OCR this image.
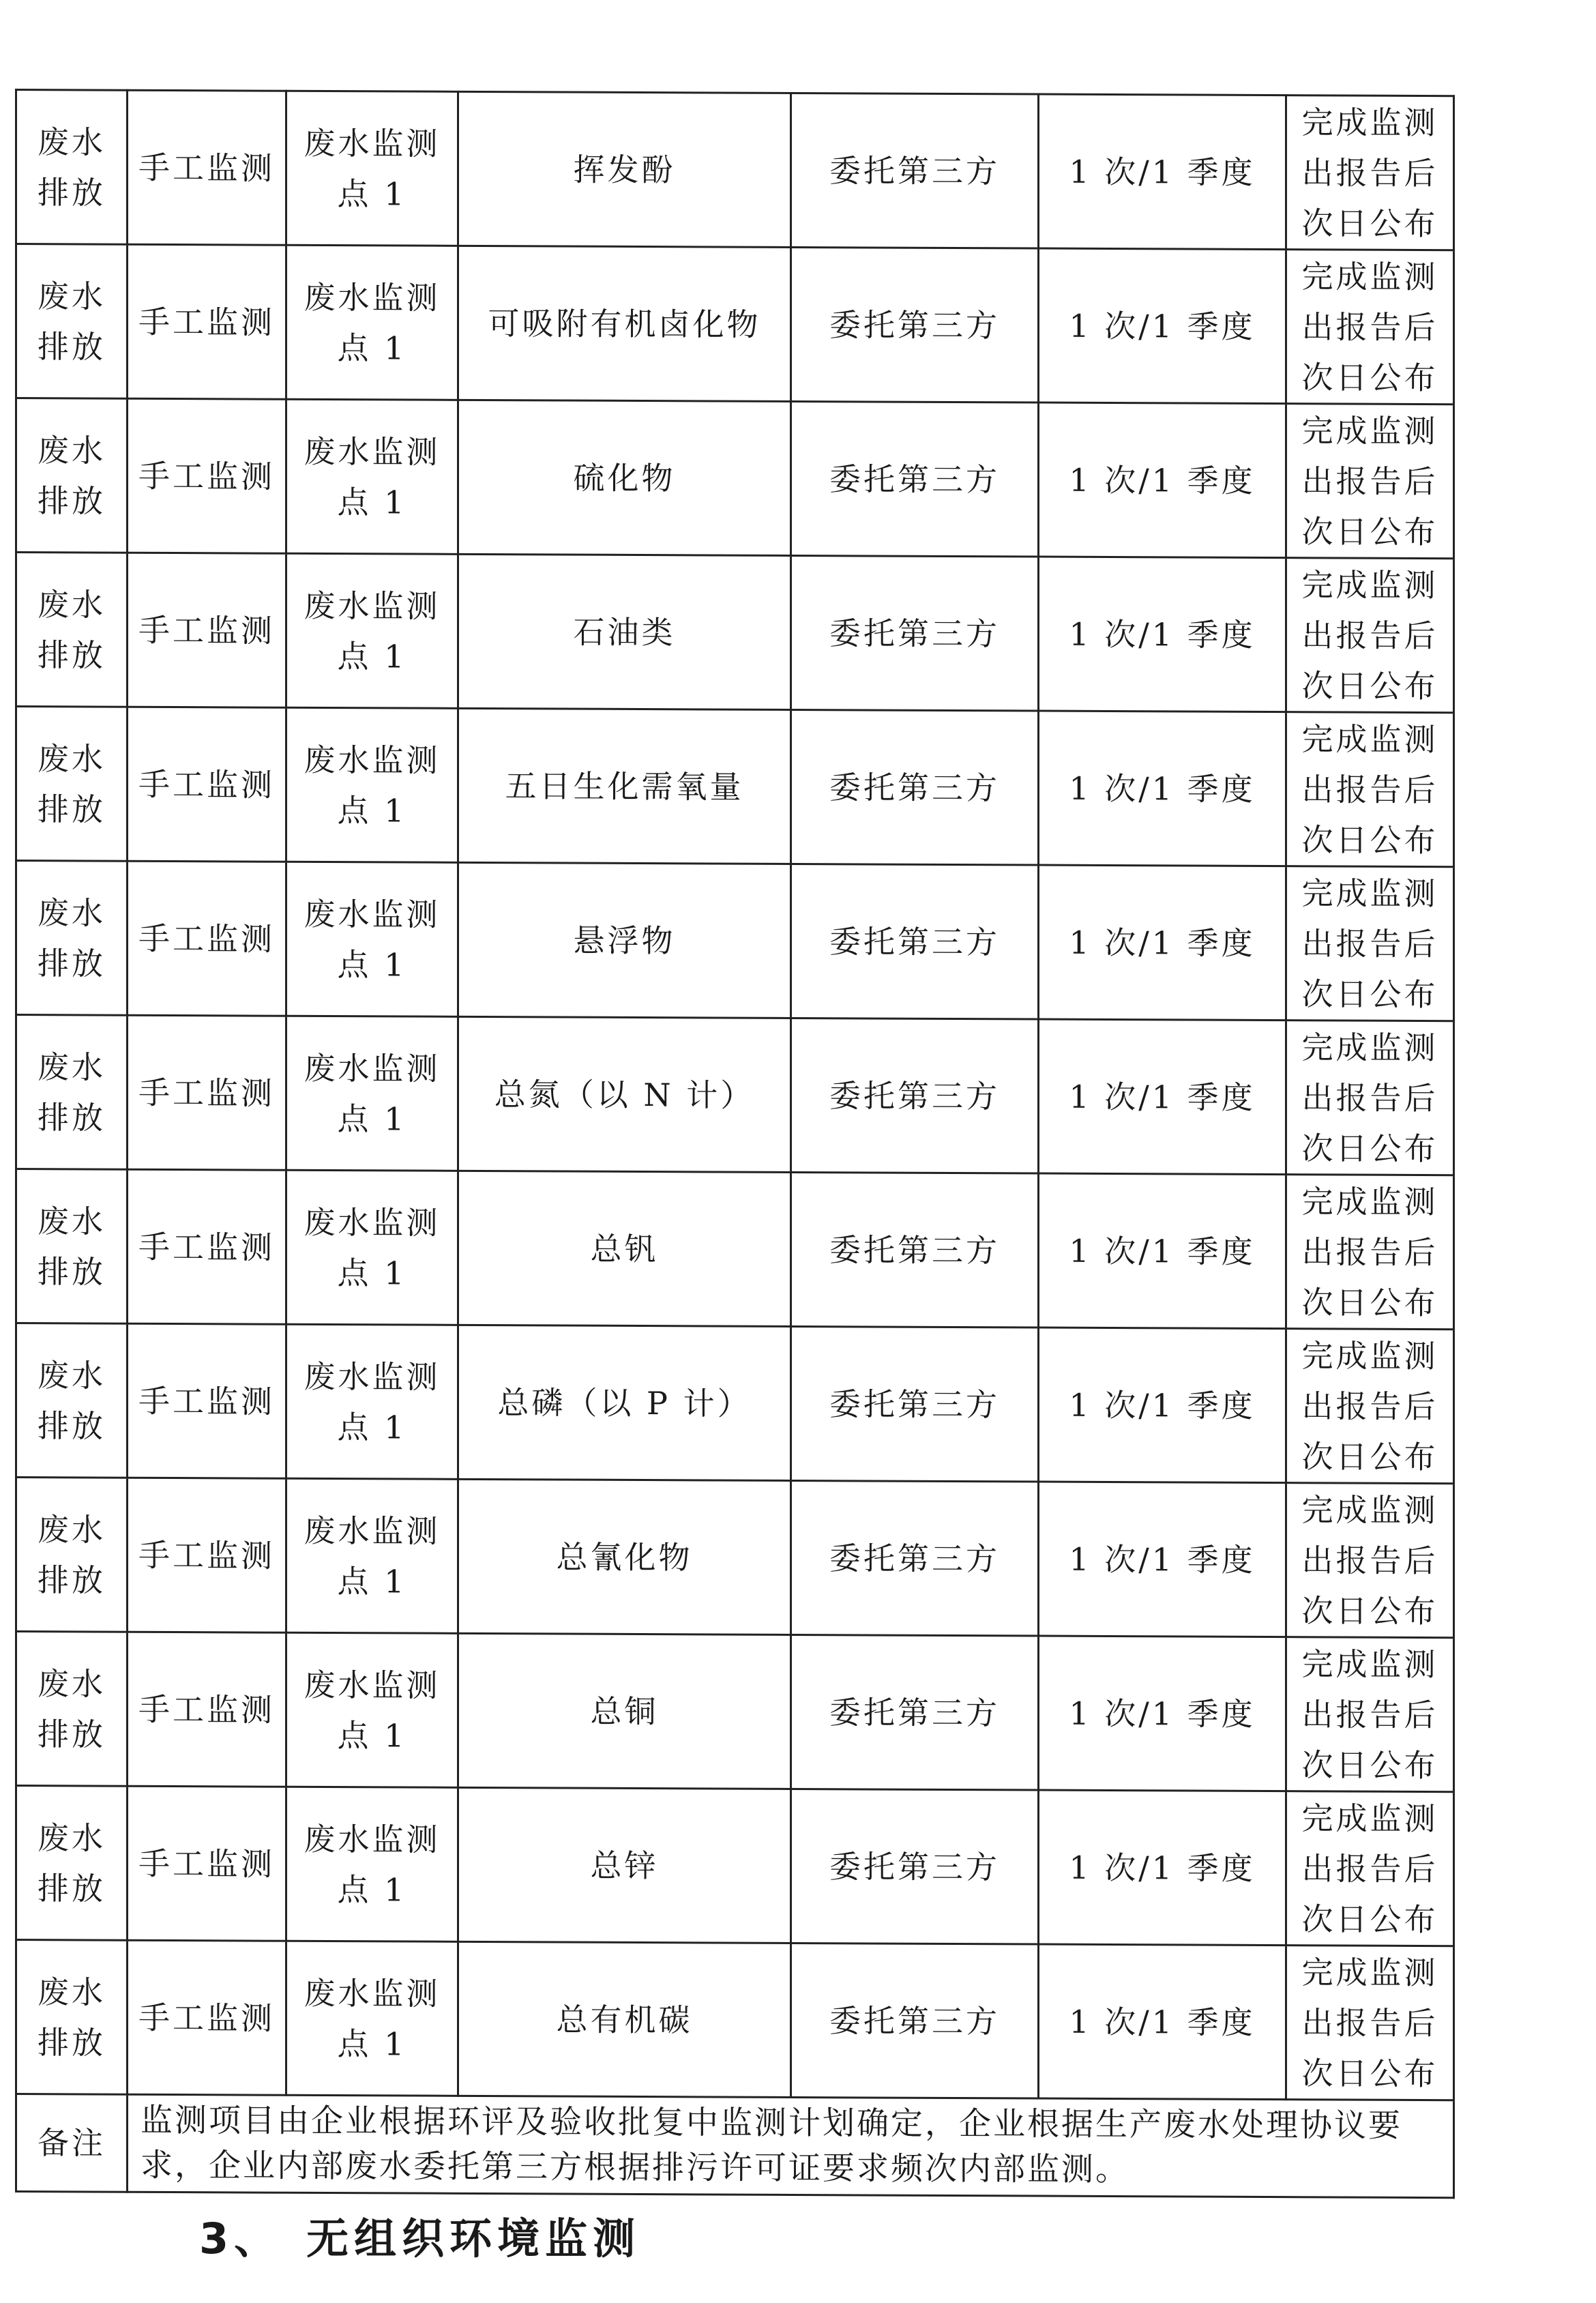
废水排放	手工监测	废水监测点 1	挥发酚	委托第三方	1 次/1 季度	完成监测出报告后次日公布
废水排放	手工监测	废水监测点 1	可吸附有机卤化物	委托第三方	1 次/1 季度	完成监测出报告后次日公布
废水排放	手工监测	废水监测点 1	硫化物	委托第三方	1 次/1 季度	完成监测出报告后次日公布
废水排放	手工监测	废水监测点 1	石油类	委托第三方	1 次/1 季度	完成监测出报告后次日公布
废水排放	手工监测	废水监测点 1	五日生化需氧量	委托第三方	1 次/1 季度	完成监测出报告后次日公布
废水排放	手工监测	废水监测点 1	悬浮物	委托第三方	1 次/1 季度	完成监测出报告后次日公布
废水排放	手工监测	废水监测点 1	总氮（以 N 计）	委托第三方	1 次/1 季度	完成监测出报告后次日公布
废水排放	手工监测	废水监测点 1	总钒	委托第三方	1 次/1 季度	完成监测出报告后次日公布
废水排放	手工监测	废水监测点 1	总磷（以 P 计）	委托第三方	1 次/1 季度	完成监测出报告后次日公布
废水排放	手工监测	废水监测点 1	总氰化物	委托第三方	1 次/1 季度	完成监测出报告后次日公布
废水排放	手工监测	废水监测点 1	总铜	委托第三方	1 次/1 季度	完成监测出报告后次日公布
废水排放	手工监测	废水监测点 1	总锌	委托第三方	1 次/1 季度	完成监测出报告后次日公布
废水排放	手工监测	废水监测点 1	总有机碳	委托第三方	1 次/1 季度	完成监测出报告后次日公布
备注	监测项目由企业根据环评及验收批复中监测计划确定，企业根据生产废水处理协议要求，企业内部废水委托第三方根据排污许可证要求频次内部监测。					
3、 无组织环境监测
